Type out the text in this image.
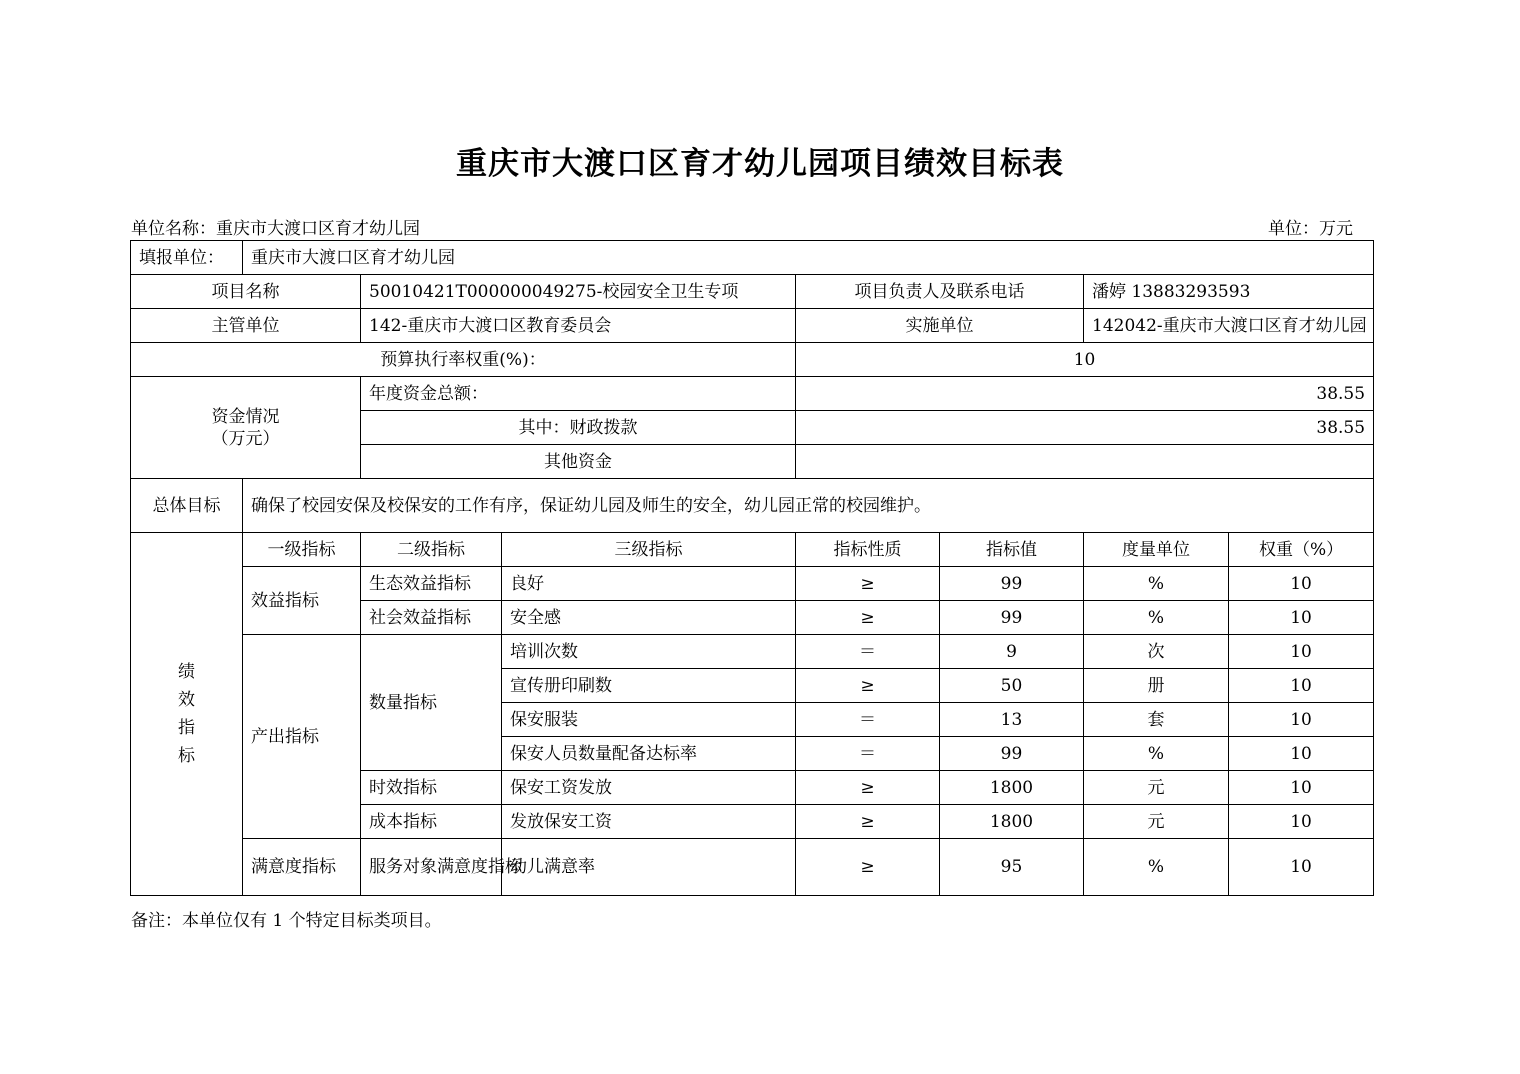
重庆市大渡口区育才幼儿园项目绩效目标表
单位名称：重庆市大渡口区育才幼儿园	单位：万元
填报单位：	重庆市大渡口区育才幼儿园						
项目名称		50010421T000000049275-校园安全卫生专项		项目负责人及联系电话		潘婷 13883293593	
主管单位		142-重庆市大渡口区教育委员会		实施单位		142042-重庆市大渡口区育才幼儿园	
预算执行率权重(%)：				10			

资金情况
（万元）		年度资金总额：		38.55			
		其中：财政拨款		38.55			
		其他资金					
总体目标	确保了校园安保及校保安的工作有序，保证幼儿园及师生的安全，幼儿园正常的校园维护。						

绩
效
指
标	一级指标	二级指标	三级指标	指标性质	指标值	度量单位	权重（%）
	效益指标	生态效益指标	良好	≥	99	%	10
		社会效益指标	安全感	≥	99	%	10
	产出指标	数量指标	培训次数	＝	9	次	10
			宣传册印刷数	≥	50	册	10
			保安服装	＝	13	套	10
			保安人员数量配备达标率	＝	99	%	10
		时效指标	保安工资发放	≥	1800	元	10
		成本指标	发放保安工资	≥	1800	元	10
	满意度指标	服务对象满意度指标	幼儿满意率	≥	95	%	10
备注：本单位仅有 1 个特定目标类项目。
